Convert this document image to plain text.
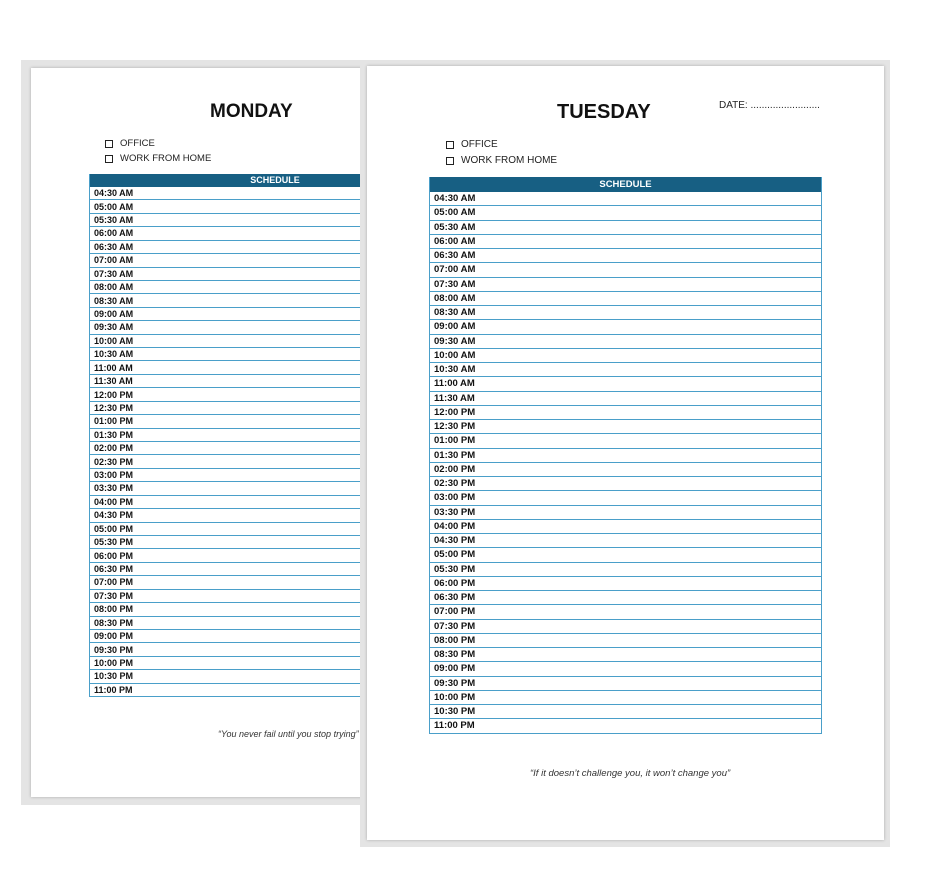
MONDAY
OFFICE
WORK FROM HOME
SCHEDULE
04:30 AM
05:00 AM
05:30 AM
06:00 AM
06:30 AM
07:00 AM
07:30 AM
08:00 AM
08:30 AM
09:00 AM
09:30 AM
10:00 AM
10:30 AM
11:00 AM
11:30 AM
12:00 PM
12:30 PM
01:00 PM
01:30 PM
02:00 PM
02:30 PM
03:00 PM
03:30 PM
04:00 PM
04:30 PM
05:00 PM
05:30 PM
06:00 PM
06:30 PM
07:00 PM
07:30 PM
08:00 PM
08:30 PM
09:00 PM
09:30 PM
10:00 PM
10:30 PM
11:00 PM
“You never fail until you stop trying”
TUESDAY	DATE: .........................
OFFICE
WORK FROM HOME
SCHEDULE
04:30 AM
05:00 AM
05:30 AM
06:00 AM
06:30 AM
07:00 AM
07:30 AM
08:00 AM
08:30 AM
09:00 AM
09:30 AM
10:00 AM
10:30 AM
11:00 AM
11:30 AM
12:00 PM
12:30 PM
01:00 PM
01:30 PM
02:00 PM
02:30 PM
03:00 PM
03:30 PM
04:00 PM
04:30 PM
05:00 PM
05:30 PM
06:00 PM
06:30 PM
07:00 PM
07:30 PM
08:00 PM
08:30 PM
09:00 PM
09:30 PM
10:00 PM
10:30 PM
11:00 PM
“If it doesn’t challenge you, it won’t change you”
